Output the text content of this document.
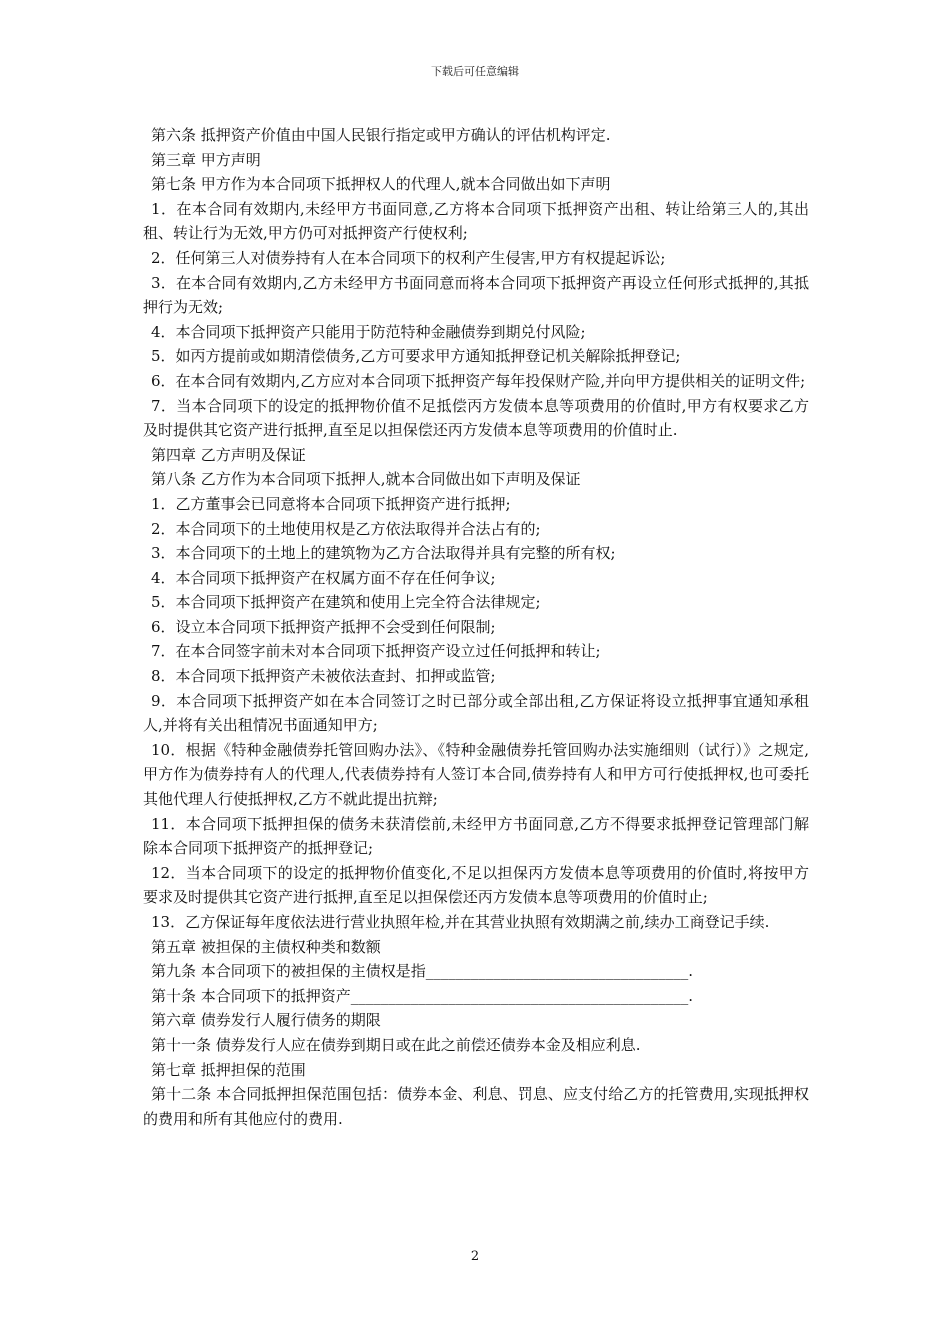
下载后可任意编辑

第六条 抵押资产价值由中国人民银行指定或甲方确认的评估机构评定.

第三章 甲方声明

第七条 甲方作为本合同项下抵押权人的代理人,就本合同做出如下声明

1．在本合同有效期内,未经甲方书面同意,乙方将本合同项下抵押资产出租、转让给第三人的,其出租、转让行为无效,甲方仍可对抵押资产行使权利;

2．任何第三人对债券持有人在本合同项下的权利产生侵害,甲方有权提起诉讼;

3．在本合同有效期内,乙方未经甲方书面同意而将本合同项下抵押资产再设立任何形式抵押的,其抵押行为无效;

4．本合同项下抵押资产只能用于防范特种金融债券到期兑付风险;

5．如丙方提前或如期清偿债务,乙方可要求甲方通知抵押登记机关解除抵押登记;

6．在本合同有效期内,乙方应对本合同项下抵押资产每年投保财产险,并向甲方提供相关的证明文件;

7．当本合同项下的设定的抵押物价值不足抵偿丙方发债本息等项费用的价值时,甲方有权要求乙方及时提供其它资产进行抵押,直至足以担保偿还丙方发债本息等项费用的价值时止.

第四章 乙方声明及保证

第八条 乙方作为本合同项下抵押人,就本合同做出如下声明及保证

1．乙方董事会已同意将本合同项下抵押资产进行抵押;

2．本合同项下的土地使用权是乙方依法取得并合法占有的;

3．本合同项下的土地上的建筑物为乙方合法取得并具有完整的所有权;

4．本合同项下抵押资产在权属方面不存在任何争议;

5．本合同项下抵押资产在建筑和使用上完全符合法律规定;

6．设立本合同项下抵押资产抵押不会受到任何限制;

7．在本合同签字前未对本合同项下抵押资产设立过任何抵押和转让;

8．本合同项下抵押资产未被依法查封、扣押或监管;

9．本合同项下抵押资产如在本合同签订之时已部分或全部出租,乙方保证将设立抵押事宜通知承租人,并将有关出租情况书面通知甲方;

10．根据《特种金融债券托管回购办法》、《特种金融债券托管回购办法实施细则（试行）》之规定,甲方作为债券持有人的代理人,代表债券持有人签订本合同,债券持有人和甲方可行使抵押权,也可委托其他代理人行使抵押权,乙方不就此提出抗辩;

11．本合同项下抵押担保的债务未获清偿前,未经甲方书面同意,乙方不得要求抵押登记管理部门解除本合同项下抵押资产的抵押登记;

12．当本合同项下的设定的抵押物价值变化,不足以担保丙方发债本息等项费用的价值时,将按甲方要求及时提供其它资产进行抵押,直至足以担保偿还丙方发债本息等项费用的价值时止;

13．乙方保证每年度依法进行营业执照年检,并在其营业执照有效期满之前,续办工商登记手续.

第五章 被担保的主债权种类和数额

第九条 本合同项下的被担保的主债权是指___________________________________.

第十条 本合同项下的抵押资产_____________________________________________.

第六章 债券发行人履行债务的期限

第十一条 债券发行人应在债券到期日或在此之前偿还债券本金及相应利息.

第七章 抵押担保的范围

第十二条 本合同抵押担保范围包括：债券本金、利息、罚息、应支付给乙方的托管费用,实现抵押权的费用和所有其他应付的费用.

2
